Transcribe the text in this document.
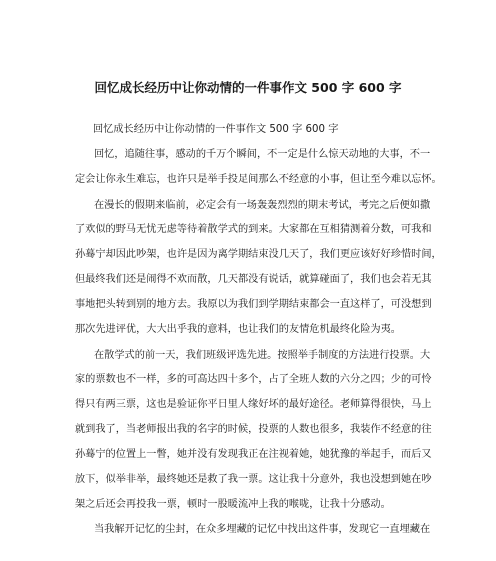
回忆成长经历中让你动情的一件事作文 500 字 600 字
回忆成长经历中让你动情的一件事作文 500 字 600 字
回忆，追随往事，感动的千万个瞬间，不一定是什么惊天动地的大事，不一
定会让你永生难忘，也许只是举手投足间那么不经意的小事，但让至今难以忘怀。
在漫长的假期来临前，必定会有一场轰轰烈烈的期末考试，考完之后便如撒
了欢似的野马无忧无虑等待着散学式的到来。大家都在互相猜测着分数，可我和
孙蓦宁却因此吵架，也许是因为离学期结束没几天了，我们更应该好好珍惜时间，
但最终我们还是闹得不欢而散，几天都没有说话，就算碰面了，我们也会若无其
事地把头转到别的地方去。我原以为我们到学期结束都会一直这样了，可没想到
那次先进评优，大大出乎我的意料，也让我们的友情危机最终化险为夷。
在散学式的前一天，我们班级评选先进。按照举手制度的方法进行投票。大
家的票数也不一样，多的可高达四十多个，占了全班人数的六分之四；少的可怜
得只有两三票，这也是验证你平日里人缘好坏的最好途径。老师算得很快，马上
就到我了，当老师报出我的名字的时候，投票的人数也很多，我装作不经意的往
孙蓦宁的位置上一瞥，她并没有发现我正在注视着她，她犹豫的举起手，而后又
放下，似举非举，最终她还是救了我一票。这让我十分意外，我也没想到她在吵
架之后还会再投我一票，顿时一股暖流冲上我的喉咙，让我十分感动。
当我解开记忆的尘封，在众多埋藏的记忆中找出这件事，发现它一直埋藏在
